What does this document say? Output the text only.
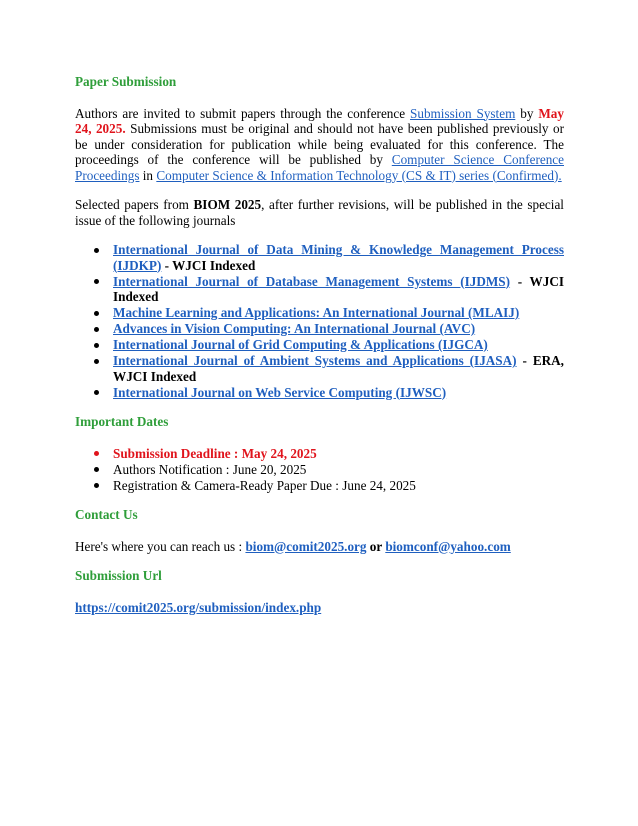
Paper Submission

Authors are invited to submit papers through the conference Submission System by May 24, 2025. Submissions must be original and should not have been published previously or be under consideration for publication while being evaluated for this conference. The proceedings of the conference will be published by Computer Science Conference Proceedings in Computer Science & Information Technology (CS & IT) series (Confirmed).

Selected papers from BIOM 2025, after further revisions, will be published in the special issue of the following journals

International Journal of Data Mining & Knowledge Management Process (IJDKP) - WJCI Indexed
International Journal of Database Management Systems (IJDMS) - WJCI Indexed
Machine Learning and Applications: An International Journal (MLAIJ)
Advances in Vision Computing: An International Journal (AVC)
International Journal of Grid Computing & Applications (IJGCA)
International Journal of Ambient Systems and Applications (IJASA) - ERA, WJCI Indexed
International Journal on Web Service Computing (IJWSC)
Important Dates
Submission Deadline : May 24, 2025
Authors Notification : June 20, 2025
Registration & Camera-Ready Paper Due : June 24, 2025
Contact Us

Here's where you can reach us : biom@comit2025.org or biomconf@yahoo.com

Submission Url

https://comit2025.org/submission/index.php
